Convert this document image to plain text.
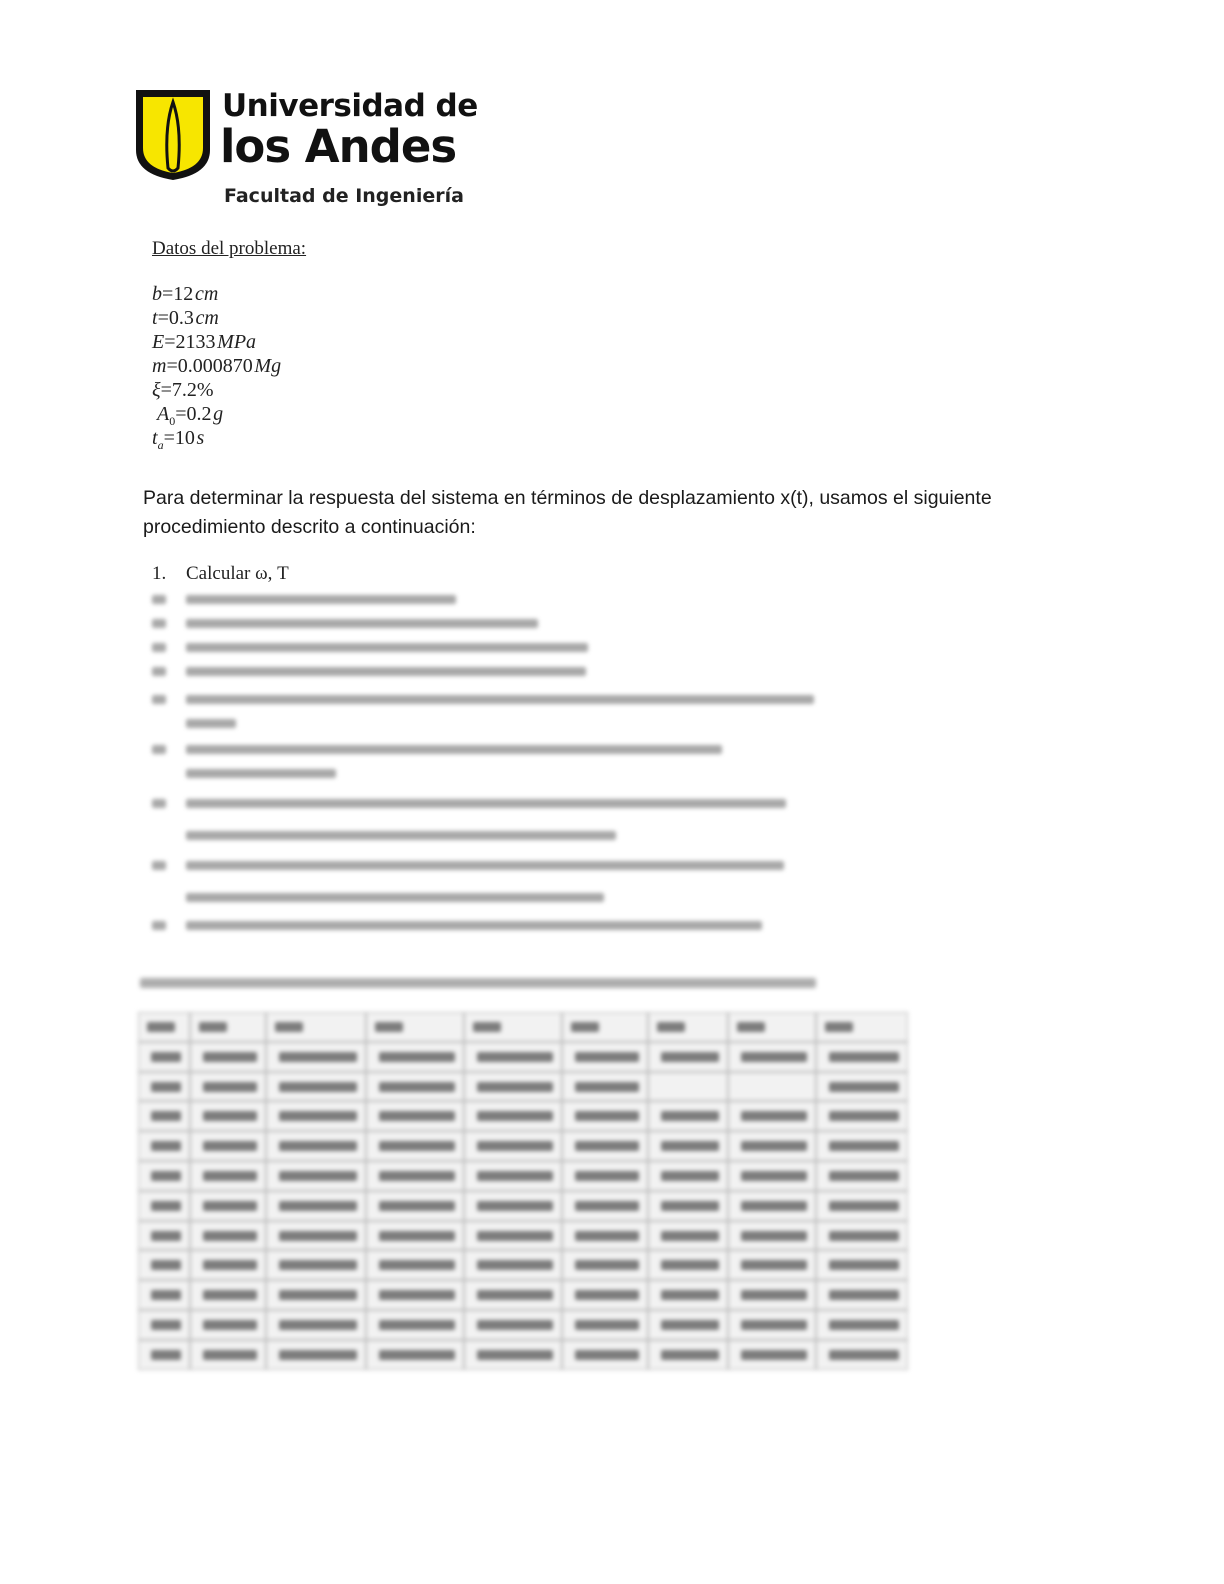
Universidad de
los Andes
Facultad de Ingeniería
Datos del problema:
b=12 cm
t=0.3 cm
E=2133 MPa
m=0.000870 Mg
ξ=7.2%
$A_0=0.2$ g
$t_a=10$ s
Para determinar la respuesta del sistema en términos de desplazamiento x(t), usamos el siguiente procedimiento descrito a continuación:
1. Calcular ω, T
